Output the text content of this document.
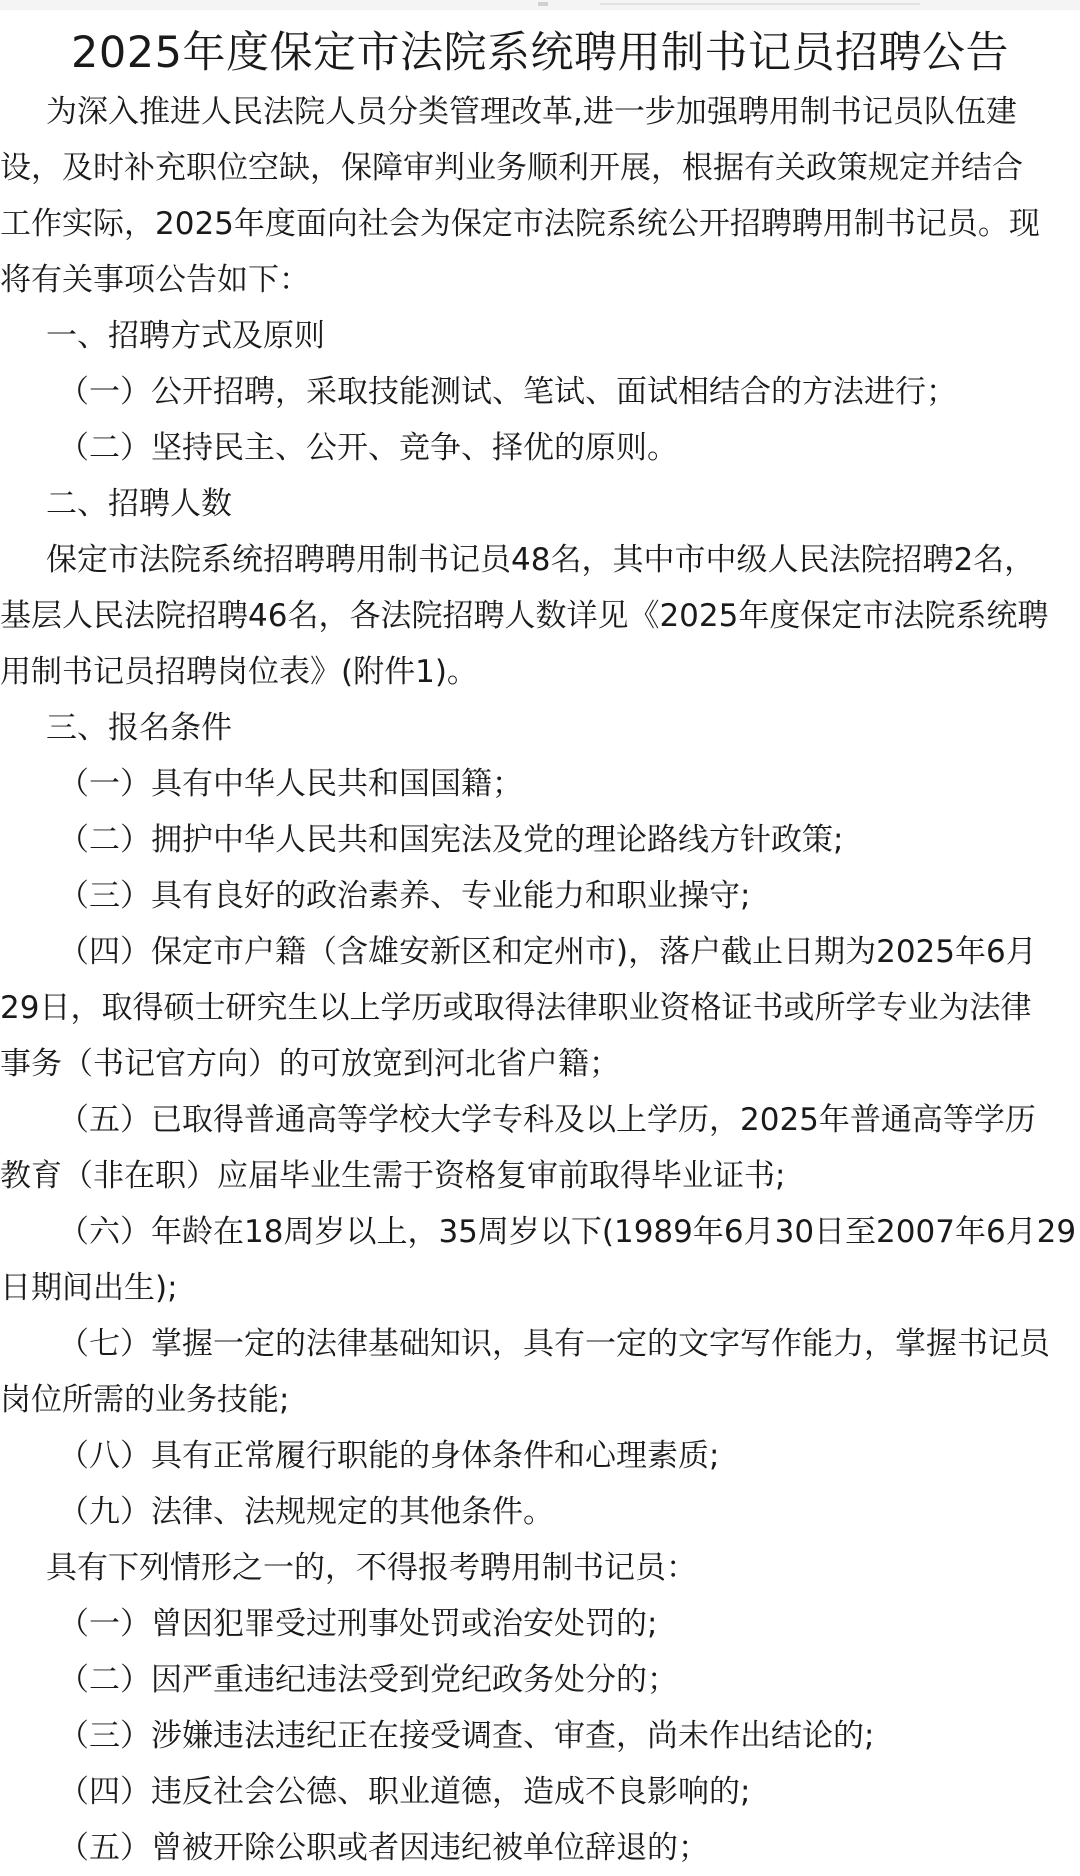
2025年度保定市法院系统聘用制书记员招聘公告
为深入推进人民法院人员分类管理改革,进一步加强聘用制书记员队伍建
设，及时补充职位空缺，保障审判业务顺利开展，根据有关政策规定并结合
工作实际，2025年度面向社会为保定市法院系统公开招聘聘用制书记员。现
将有关事项公告如下：
一、招聘方式及原则
（一）公开招聘，采取技能测试、笔试、面试相结合的方法进行；
（二）坚持民主、公开、竞争、择优的原则。
二、招聘人数
保定市法院系统招聘聘用制书记员48名，其中市中级人民法院招聘2名，
基层人民法院招聘46名，各法院招聘人数详见《2025年度保定市法院系统聘
用制书记员招聘岗位表》(附件1)。
三、报名条件
（一）具有中华人民共和国国籍；
（二）拥护中华人民共和国宪法及党的理论路线方针政策;
（三）具有良好的政治素养、专业能力和职业操守;
（四）保定市户籍（含雄安新区和定州市)，落户截止日期为2025年6月
29日，取得硕士研究生以上学历或取得法律职业资格证书或所学专业为法律
事务（书记官方向）的可放宽到河北省户籍；
（五）已取得普通高等学校大学专科及以上学历，2025年普通高等学历
教育（非在职）应届毕业生需于资格复审前取得毕业证书;
（六）年龄在18周岁以上，35周岁以下(1989年6月30日至2007年6月29
日期间出生);
（七）掌握一定的法律基础知识，具有一定的文字写作能力，掌握书记员
岗位所需的业务技能;
（八）具有正常履行职能的身体条件和心理素质;
（九）法律、法规规定的其他条件。
具有下列情形之一的，不得报考聘用制书记员：
（一）曾因犯罪受过刑事处罚或治安处罚的;
（二）因严重违纪违法受到党纪政务处分的；
（三）涉嫌违法违纪正在接受调查、审查，尚未作出结论的;
（四）违反社会公德、职业道德，造成不良影响的;
（五）曾被开除公职或者因违纪被单位辞退的；
